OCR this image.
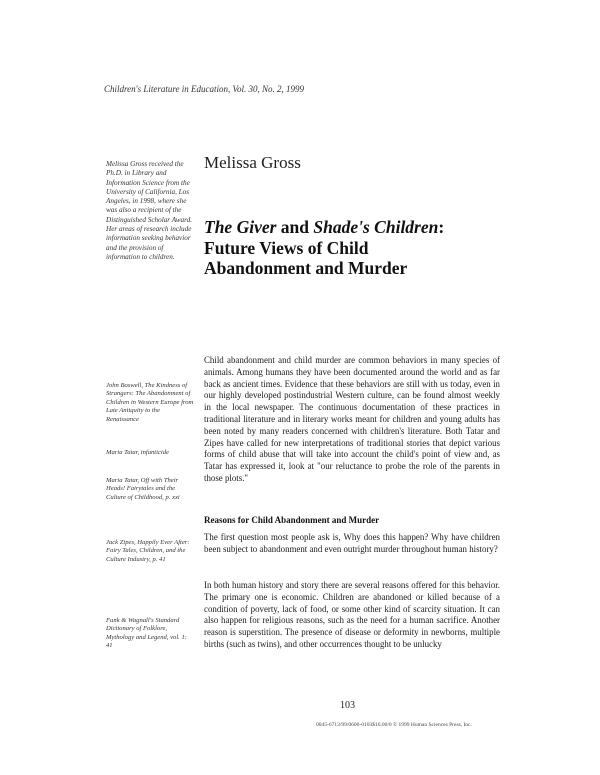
Children's Literature in Education, Vol. 30, No. 2, 1999
Melissa Gross received the Ph.D. in Library and Information Science from the University of California, Los Angeles, in 1998, where she was also a recipient of the Distinguished Scholar Award. Her areas of research include information seeking behavior and the provision of information to children.
Melissa Gross
The Giver and Shade's Children:
Future Views of Child
Abandonment and Murder
John Boswell, The Kindness of Strangers: The Abandonment of Children in Western Europe from Late Antiquity to the Renaissance
Maria Tatar, infanticide
Maria Tatar, Off with Their Heads! Fairytales and the Culture of Childhood, p. xxi
Jack Zipes, Happily Ever After: Fairy Tales, Children, and the Culture Industry, p. 41
Funk & Wagnall's Standard Dictionary of Folklore, Mythology and Legend, vol. 1: 41

Child abandonment and child murder are common behaviors in many species of animals. Among humans they have been documented around the world and as far back as ancient times. Evidence that these behaviors are still with us today, even in our highly developed postindustrial Western culture, can be found almost weekly in the local newspaper. The continuous documentation of these practices in traditional literature and in literary works meant for children and young adults has been noted by many readers concerned with children's literature. Both Tatar and Zipes have called for new interpretations of traditional stories that depict various forms of child abuse that will take into account the child's point of view and, as Tatar has expressed it, look at "our reluctance to probe the role of the parents in those plots."

Reasons for Child Abandonment and Murder

The first question most people ask is, Why does this happen? Why have children been subject to abandonment and even outright murder throughout human history?

In both human history and story there are several reasons offered for this behavior. The primary one is economic. Children are abandoned or killed because of a condition of poverty, lack of food, or some other kind of scarcity situation. It can also happen for religious reasons, such as the need for a human sacrifice. Another reason is superstition. The presence of disease or deformity in newborns, multiple births (such as twins), and other occurrences thought to be unlucky

103
0045-6713/99/0600-0103$16.00/0 © 1999 Human Sciences Press, Inc.
